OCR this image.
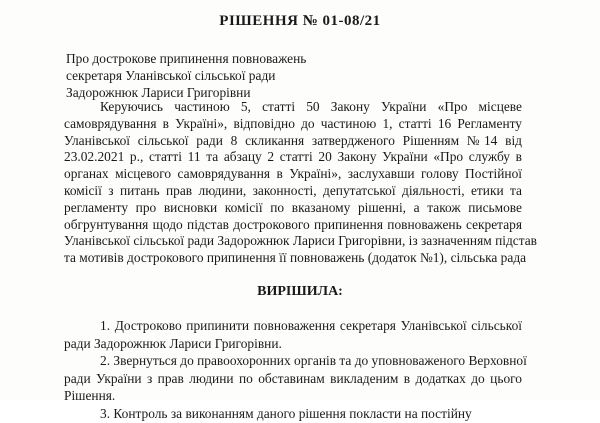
РІШЕННЯ № 01-08/21
Про дострокове припинення повноважень
секретаря Уланівської сільської ради
Задорожнюк Лариси Григорівни
Керуючись частиною 5, статті 50 Закону України «Про місцеве
самоврядування в Україні», відповідно до частиною 1, статті 16 Регламенту
Уланівської сільської ради 8 скликання затвердженого Рішенням №14 від
23.02.2021 р., статті 11 та абзацу 2 статті 20 Закону України «Про службу в
органах місцевого самоврядування в Україні», заслухавши голову Постійної
комісії з питань прав людини, законності, депутатської діяльності, етики та
регламенту про висновки комісії по вказаному рішенні, а також письмове
обгрунтування щодо підстав дострокового припинення повноважень секретаря
Уланівської сільської ради Задорожнюк Лариси Григорівни, із зазначенням підстав
та мотивів дострокового припинення її повноважень (додаток №1), сільська рада
ВИРІШИЛА:
1. Достроково припинити повноваження секретаря Уланівської сільської
ради Задорожнюк Лариси Григорівни.
2. Звернуться до правоохоронних органів та до уповноваженого Верховної
ради України з прав людини по обставинам викладеним в додатках до цього
Рішення.
3. Контроль за виконанням даного рішення покласти на постійну
